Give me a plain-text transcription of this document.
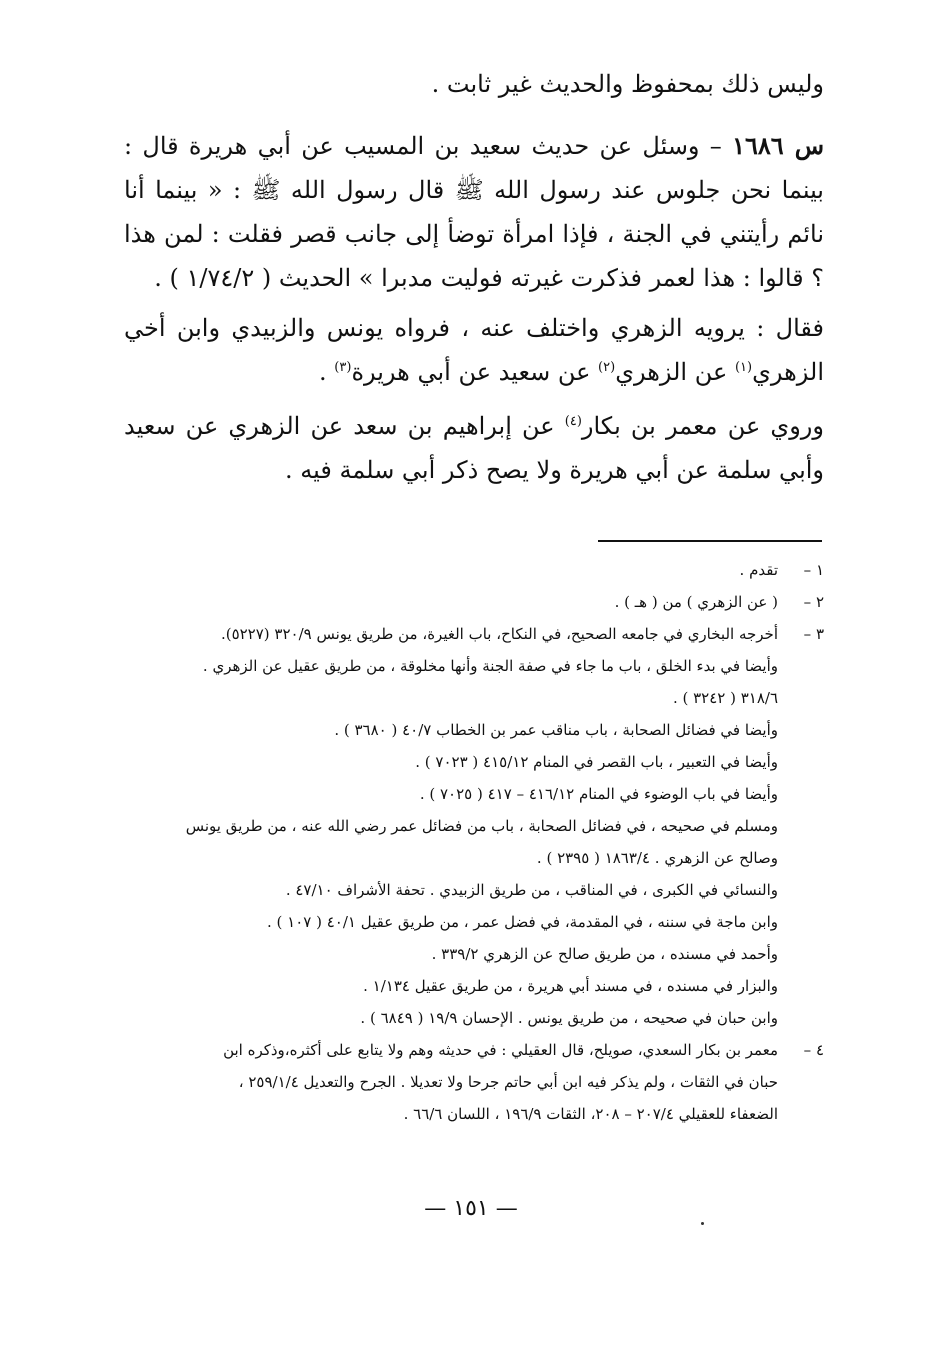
وليس ذلك بمحفوظ والحديث غير ثابت .

س ١٦٨٦ – وسئل عن حديث سعيد بن المسيب عن أبي هريرة قال : بينما نحن جلوس عند رسول الله ﷺ قال رسول الله ﷺ : « بينما أنا نائم رأيتني في الجنة ، فإذا امرأة توضأ إلى جانب قصر فقلت : لمن هذا ؟ قالوا : هذا لعمر فذكرت غيرته فوليت مدبرا » الحديث ( ١/٧٤/٢ ) .

فقال : يرويه الزهري واختلف عنه ، فرواه يونس والزبيدي وابن أخي الزهري$^{(١)}$ عن الزهري$^{(٢)}$ عن سعيد عن أبي هريرة$^{(٣)}$ .

وروي عن معمر بن بكار$^{(٤)}$ عن إبراهيم بن سعد عن الزهري عن سعيد وأبي سلمة عن أبي هريرة ولا يصح ذكر أبي سلمة فيه .

١ –
تقدم .
٢ –
( عن الزهري ) من ( هـ ) .
٣ –
أخرجه البخاري في جامعه الصحيح، في النكاح، باب الغيرة، من طريق يونس ٣٢٠/٩ (٥٢٢٧).
وأيضا في بدء الخلق ، باب ما جاء في صفة الجنة وأنها مخلوقة ، من طريق عقيل عن الزهري .
٣١٨/٦ ( ٣٢٤٢ ) .
وأيضا في فضائل الصحابة ، باب مناقب عمر بن الخطاب ٤٠/٧ ( ٣٦٨٠ ) .
وأيضا في التعبير ، باب القصر في المنام ٤١٥/١٢ ( ٧٠٢٣ ) .
وأيضا في باب الوضوء في المنام ٤١٦/١٢ – ٤١٧ ( ٧٠٢٥ ) .
ومسلم في صحيحه ، في فضائل الصحابة ، باب من فضائل عمر رضي الله عنه ، من طريق يونس
وصالح عن الزهري . ١٨٦٣/٤ ( ٢٣٩٥ ) .
والنسائي في الكبرى ، في المناقب ، من طريق الزبيدي . تحفة الأشراف ٤٧/١٠ .
وابن ماجة في سننه ، في المقدمة، في فضل عمر ، من طريق عقيل ٤٠/١ ( ١٠٧ ) .
وأحمد في مسنده ، من طريق صالح عن الزهري ٣٣٩/٢ .
والبزار في مسنده ، في مسند أبي هريرة ، من طريق عقيل ١/١٣٤ .
وابن حبان في صحيحه ، من طريق يونس . الإحسان ١٩/٩ ( ٦٨٤٩ ) .
٤ –
معمر بن بكار السعدي، صويلح، قال العقيلي : في حديثه وهم ولا يتابع على أكثره،وذكره ابن
حبان في الثقات ، ولم يذكر فيه ابن أبي حاتم جرحا ولا تعديلا . الجرح والتعديل ٢٥٩/١/٤ ،
الضعفاء للعقيلي ٢٠٧/٤ – ٢٠٨، الثقات ١٩٦/٩ ، اللسان ٦٦/٦ .
— ١٥١ —
